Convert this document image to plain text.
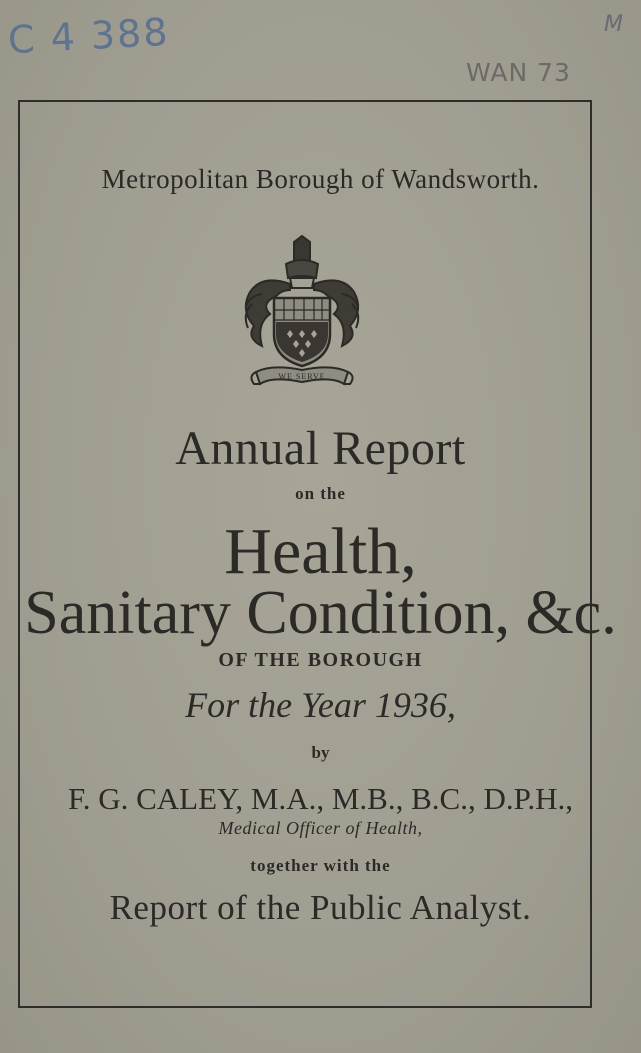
C 4 388	M
WAN 73
Metropolitan Borough of Wandsworth.
WE SERVE
Annual Report
on the
Health,
Sanitary Condition, &c.
OF THE BOROUGH
For the Year 1936,
by
F. G. CALEY, M.A., M.B., B.C., D.P.H.,
Medical Officer of Health,
together with the
Report of the Public Analyst.
